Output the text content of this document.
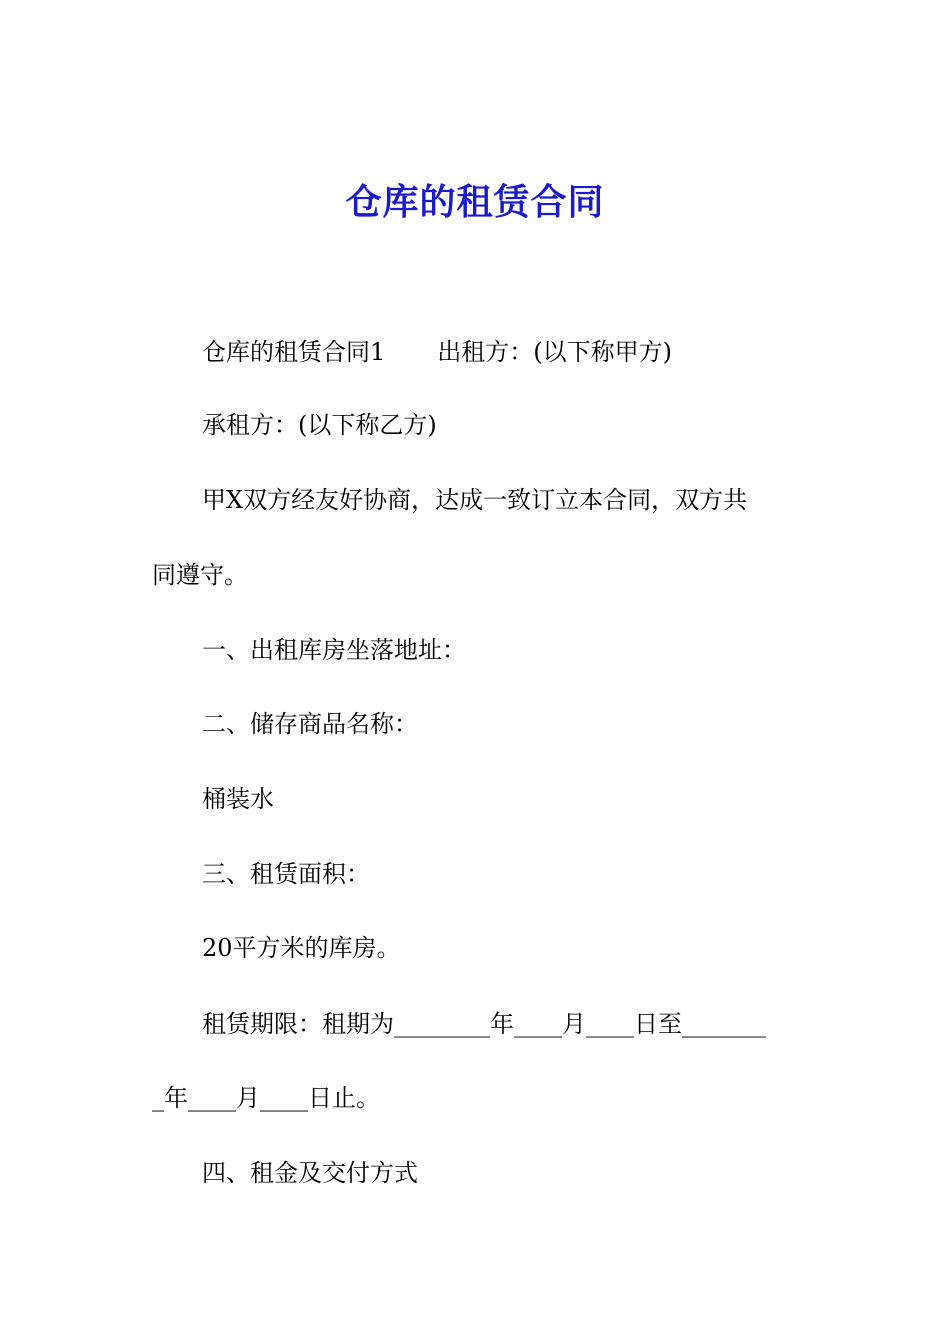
仓库的租赁合同
仓库的租赁合同1 出租方：(以下称甲方)
承租方：(以下称乙方)
甲X双方经友好协商，达成一致订立本合同，双方共
同遵守。
一、出租库房坐落地址：
二、储存商品名称：
桶装水
三、租赁面积：
20平方米的库房。
租赁期限：租期为________年____月____日至_______
_年____月____日止。
四、租金及交付方式
